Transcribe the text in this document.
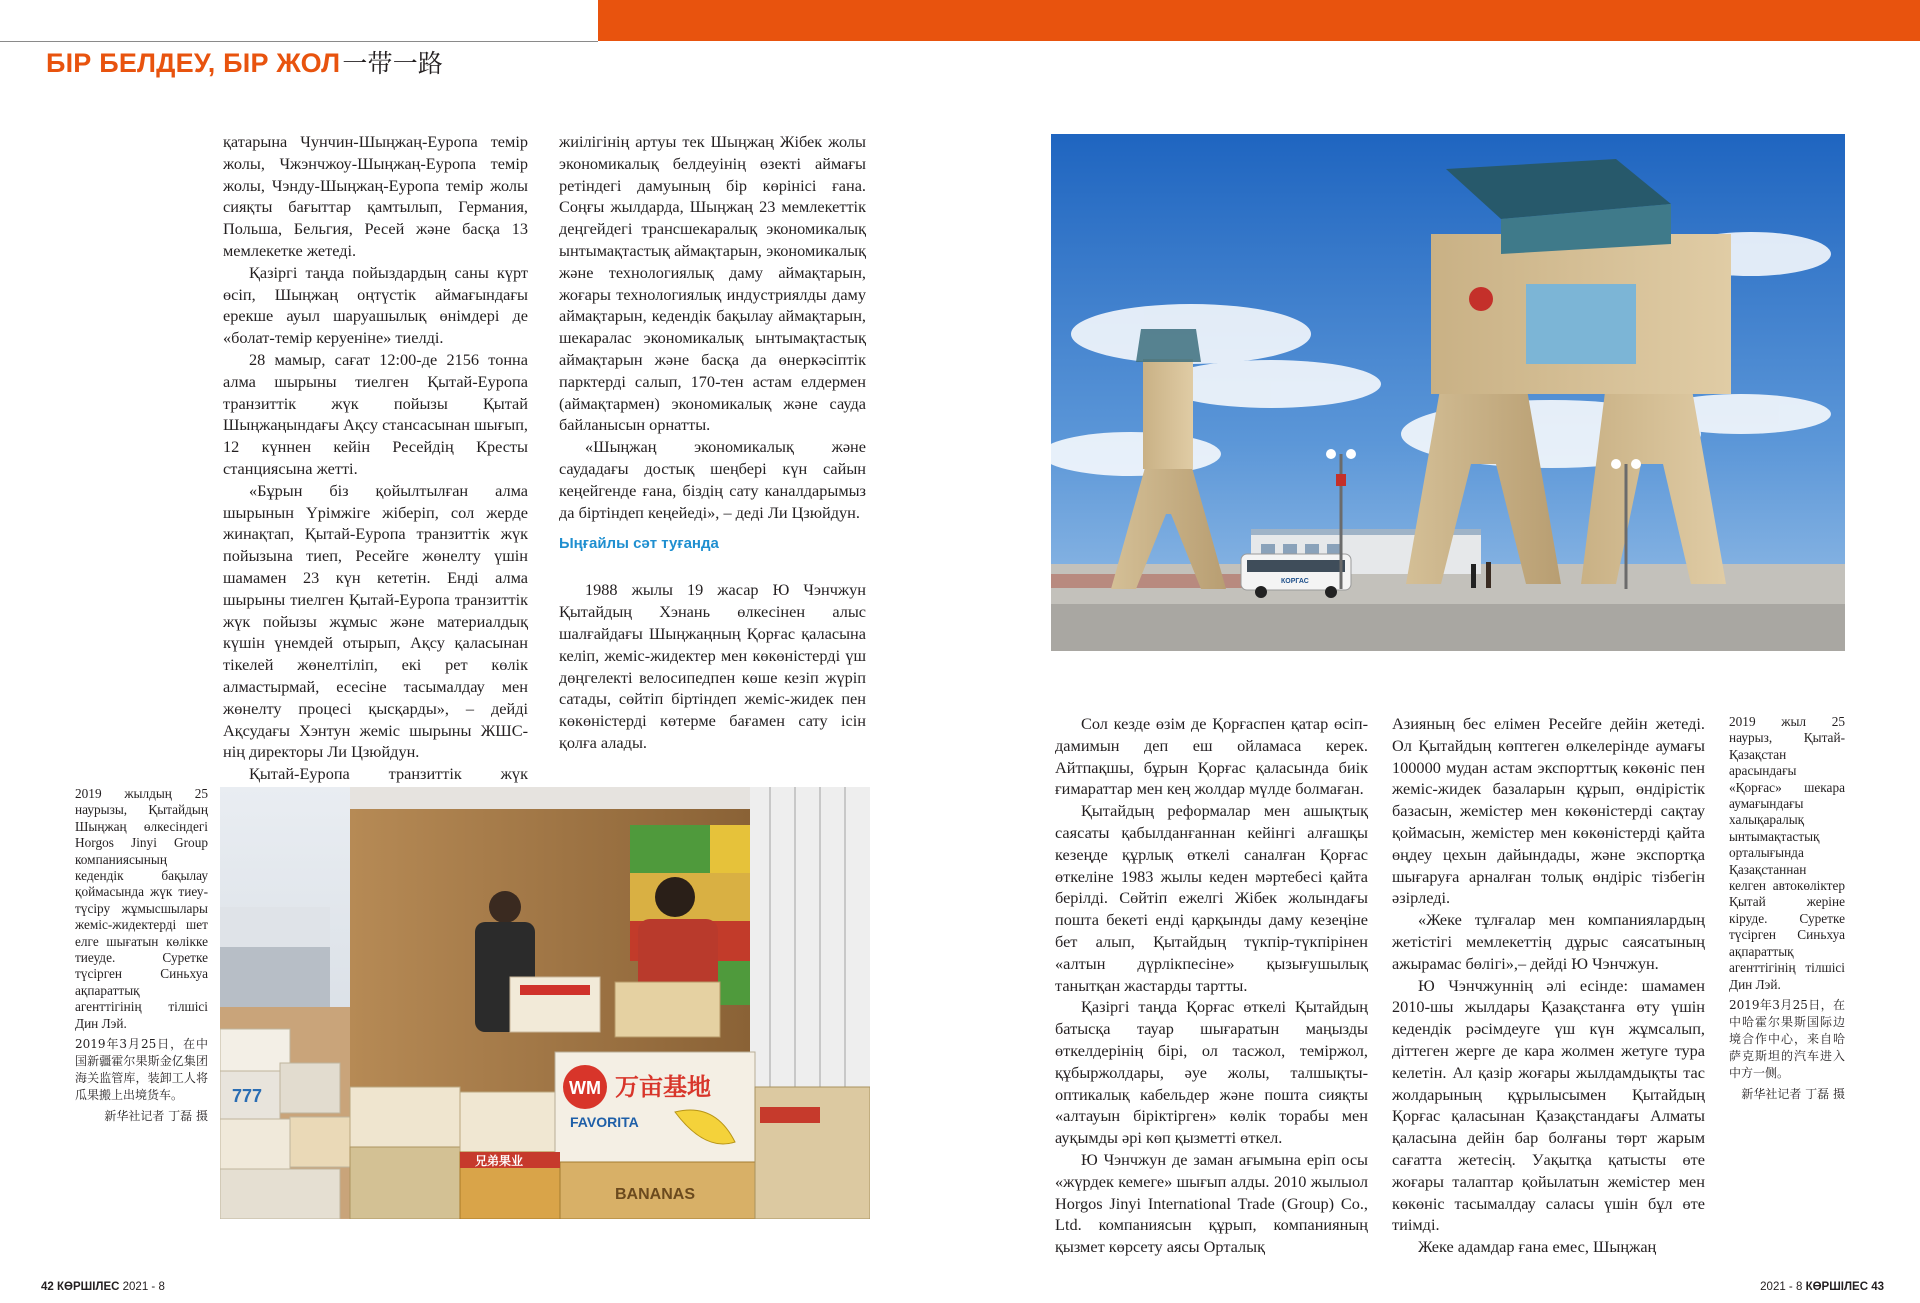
БІР БЕЛДЕУ, БІР ЖОЛ一带一路

қатарына Чунчин-Шыңжаң-Еуропа темір жолы, Чжэнчжоу-Шыңжаң-Еуропа темір жолы, Чэнду-Шыңжаң-Еуропа темір жолы сияқты бағыттар қамтылып, Германия, Польша, Бельгия, Ресей және басқа 13 мемлекетке жетеді.

Қазіргі таңда пойыздардың саны күрт өсіп, Шыңжаң оңтүстік аймағындағы ерекше ауыл шаруашылық өнімдері де «болат-темір керуеніне» тиелді.

28 мамыр, сағат 12:00-де 2156 тонна алма шырыны тиелген Қытай-Еуропа транзиттік жүк пойызы Қытай Шыңжаңындағы Ақсу стансасынан шығып, 12 күннен кейін Ресейдің Кресты станциясына жетті.

«Бұрын біз қойылтылған алма шырынын Үрімжіге жіберіп, сол жерде жинақтап, Қытай-Еуропа транзиттік жүк пойызына тиеп, Ресейге жөнелту үшін шамамен 23 күн кететін. Енді алма шырыны тиелген Қытай-Еуропа транзиттік жүк пойызы жұмыс және материалдық күшін үнемдей отырып, Ақсу қаласынан тікелей жөнелтіліп, екі рет көлік алмастырмай, есесіне тасымалдау мен жөнелту процесі қысқарды», – дейді Ақсудағы Хэнтун жеміс шырыны ЖШС-нің директоры Ли Цзюйдун.

Қытай-Еуропа транзиттік жүк

жиілігінің артуы тек Шыңжаң Жібек жолы экономикалық белдеуінің өзекті аймағы ретіндегі дамуының бір көрінісі ғана. Соңғы жылдарда, Шыңжаң 23 мемлекеттік деңгейдегі трансшекаралық экономикалық ынтымақтастық аймақтарын, экономикалық және технологиялық даму аймақтарын, жоғары технологиялық индустриялды даму аймақтарын, кедендік бақылау аймақтарын, шекаралас экономикалық ынтымақтастық аймақтарын және басқа да өнеркәсіптік парктерді салып, 170-тен астам елдермен (аймақтармен) экономикалық және сауда байланысын орнатты.

«Шыңжаң экономикалық және саудадағы достық шеңбері күн сайын кеңейгенде ғана, біздің сату каналдарымыз да біртіндеп кеңейеді», – деді Ли Цзюйдун.

Ыңғайлы сәт туғанда

1988 жылы 19 жасар Ю Чэнчжун Қытайдың Хэнань өлкесінен алыс шалғайдағы Шыңжаңның Қорғас қаласына келіп, жеміс-жидектер мен көкөністерді үш дөңгелекті велосипедпен көше кезіп жүріп сатады, сөйтіп біртіндеп жеміс-жидек пен көкөністерді көтерме бағамен сату ісін қолға алады.

2019 жылдың 25 наурызы, Қытайдың Шыңжаң өлкесіндегі Horgos Jinyi Group компаниясының кедендік бақылау қоймасында жүк тиеу-түсіру жұмысшылары жеміс-жидектерді шет елге шығатын көлікке тиеуде. Суретке түсірген Синьхуа ақпараттық агенттігінің тілшісі Дин Лэй.
2019年3月25日，在中国新疆霍尔果斯金亿集团海关监管库，装卸工人将瓜果搬上出境货车。
新华社记者 丁磊 摄
WM 万亩基地
FAVORITA
BANANAS
兄弟果业
777
42 КӨРШІЛЕС 2021 - 8
КОРГАС
2019 жыл 25 наурыз, Қытай-Қазақстан арасындағы «Қорғас» шекара аумағындағы халықаралық ынтымақтастық орталығында Қазақстаннан келген автокөліктер Қытай жеріне кіруде. Суретке түсірген Синьхуа ақпараттық агенттігінің тілшісі Дин Лэй.
2019年3月25日，在中哈霍尔果斯国际边境合作中心，来自哈萨克斯坦的汽车进入中方一侧。
新华社记者 丁磊 摄

Сол кезде өзім де Қорғаспен қатар өсіп-дамимын деп еш ойламаса керек. Айтпақшы, бұрын Қорғас қаласында биік ғимараттар мен кең жолдар мүлде болмаған.

Қытайдың реформалар мен ашықтық саясаты қабылданғаннан кейінгі алғашқы кезеңде құрлық өткелі саналған Қорғас өткеліне 1983 жылы кеден мәртебесі қайта берілді. Сөйтіп ежелгі Жібек жолындағы пошта бекеті енді қарқынды даму кезеңіне бет алып, Қытайдың түкпір-түкпірінен «алтын дүрлікпесіне» қызығушылық танытқан жастарды тартты.

Қазіргі таңда Қорғас өткелі Қытайдың батысқа тауар шығаратын маңызды өткелдерінің бірі, ол тасжол, теміржол, құбыржолдары, әуе жолы, талшықты-оптикалық кабельдер және пошта сияқты «алтауын біріктірген» көлік торабы мен ауқымды әрі көп қызметті өткел.

Ю Чэнчжун де заман ағымына еріп осы «жүрдек кемеге» шығып алды. 2010 жылыол Horgos Jinyi International Trade (Group) Co., Ltd. компаниясын құрып, компанияның қызмет көрсету аясы Орталық

Азияның бес елімен Ресейге дейін жетеді. Ол Қытайдың көптеген өлкелерінде аумағы 100000 мудан астам экспорттық көкөніс пен жеміс-жидек базаларын құрып, өндірістік базасын, жемістер мен көкөністерді сақтау қоймасын, жемістер мен көкөністерді қайта өңдеу цехын дайындады, және экспортқа шығаруға арналған толық өндіріс тізбегін әзірледі.

«Жеке тұлғалар мен компаниялардың жетістігі мемлекеттің дұрыс саясатының ажырамас бөлігі»,– дейді Ю Чэнчжун.

Ю Чэнчжуннің әлі есінде: шамамен 2010-шы жылдары Қазақстанға өту үшін кедендік рәсімдеуге үш күн жұмсалып, діттеген жерге де кара жолмен жетуге тура келетін. Ал қазір жоғары жылдамдықты тас жолдарының құрылысымен Қытайдың Қорғас қаласынан Қазақстандағы Алматы қаласына дейін бар болғаны төрт жарым сағатта жетесің. Уақытқа қатысты өте жоғары талаптар қойылатын жемістер мен көкөніс тасымалдау саласы үшін бұл өте тиімді.

Жеке адамдар ғана емес, Шыңжаң

2021 - 8 КӨРШІЛЕС 43
